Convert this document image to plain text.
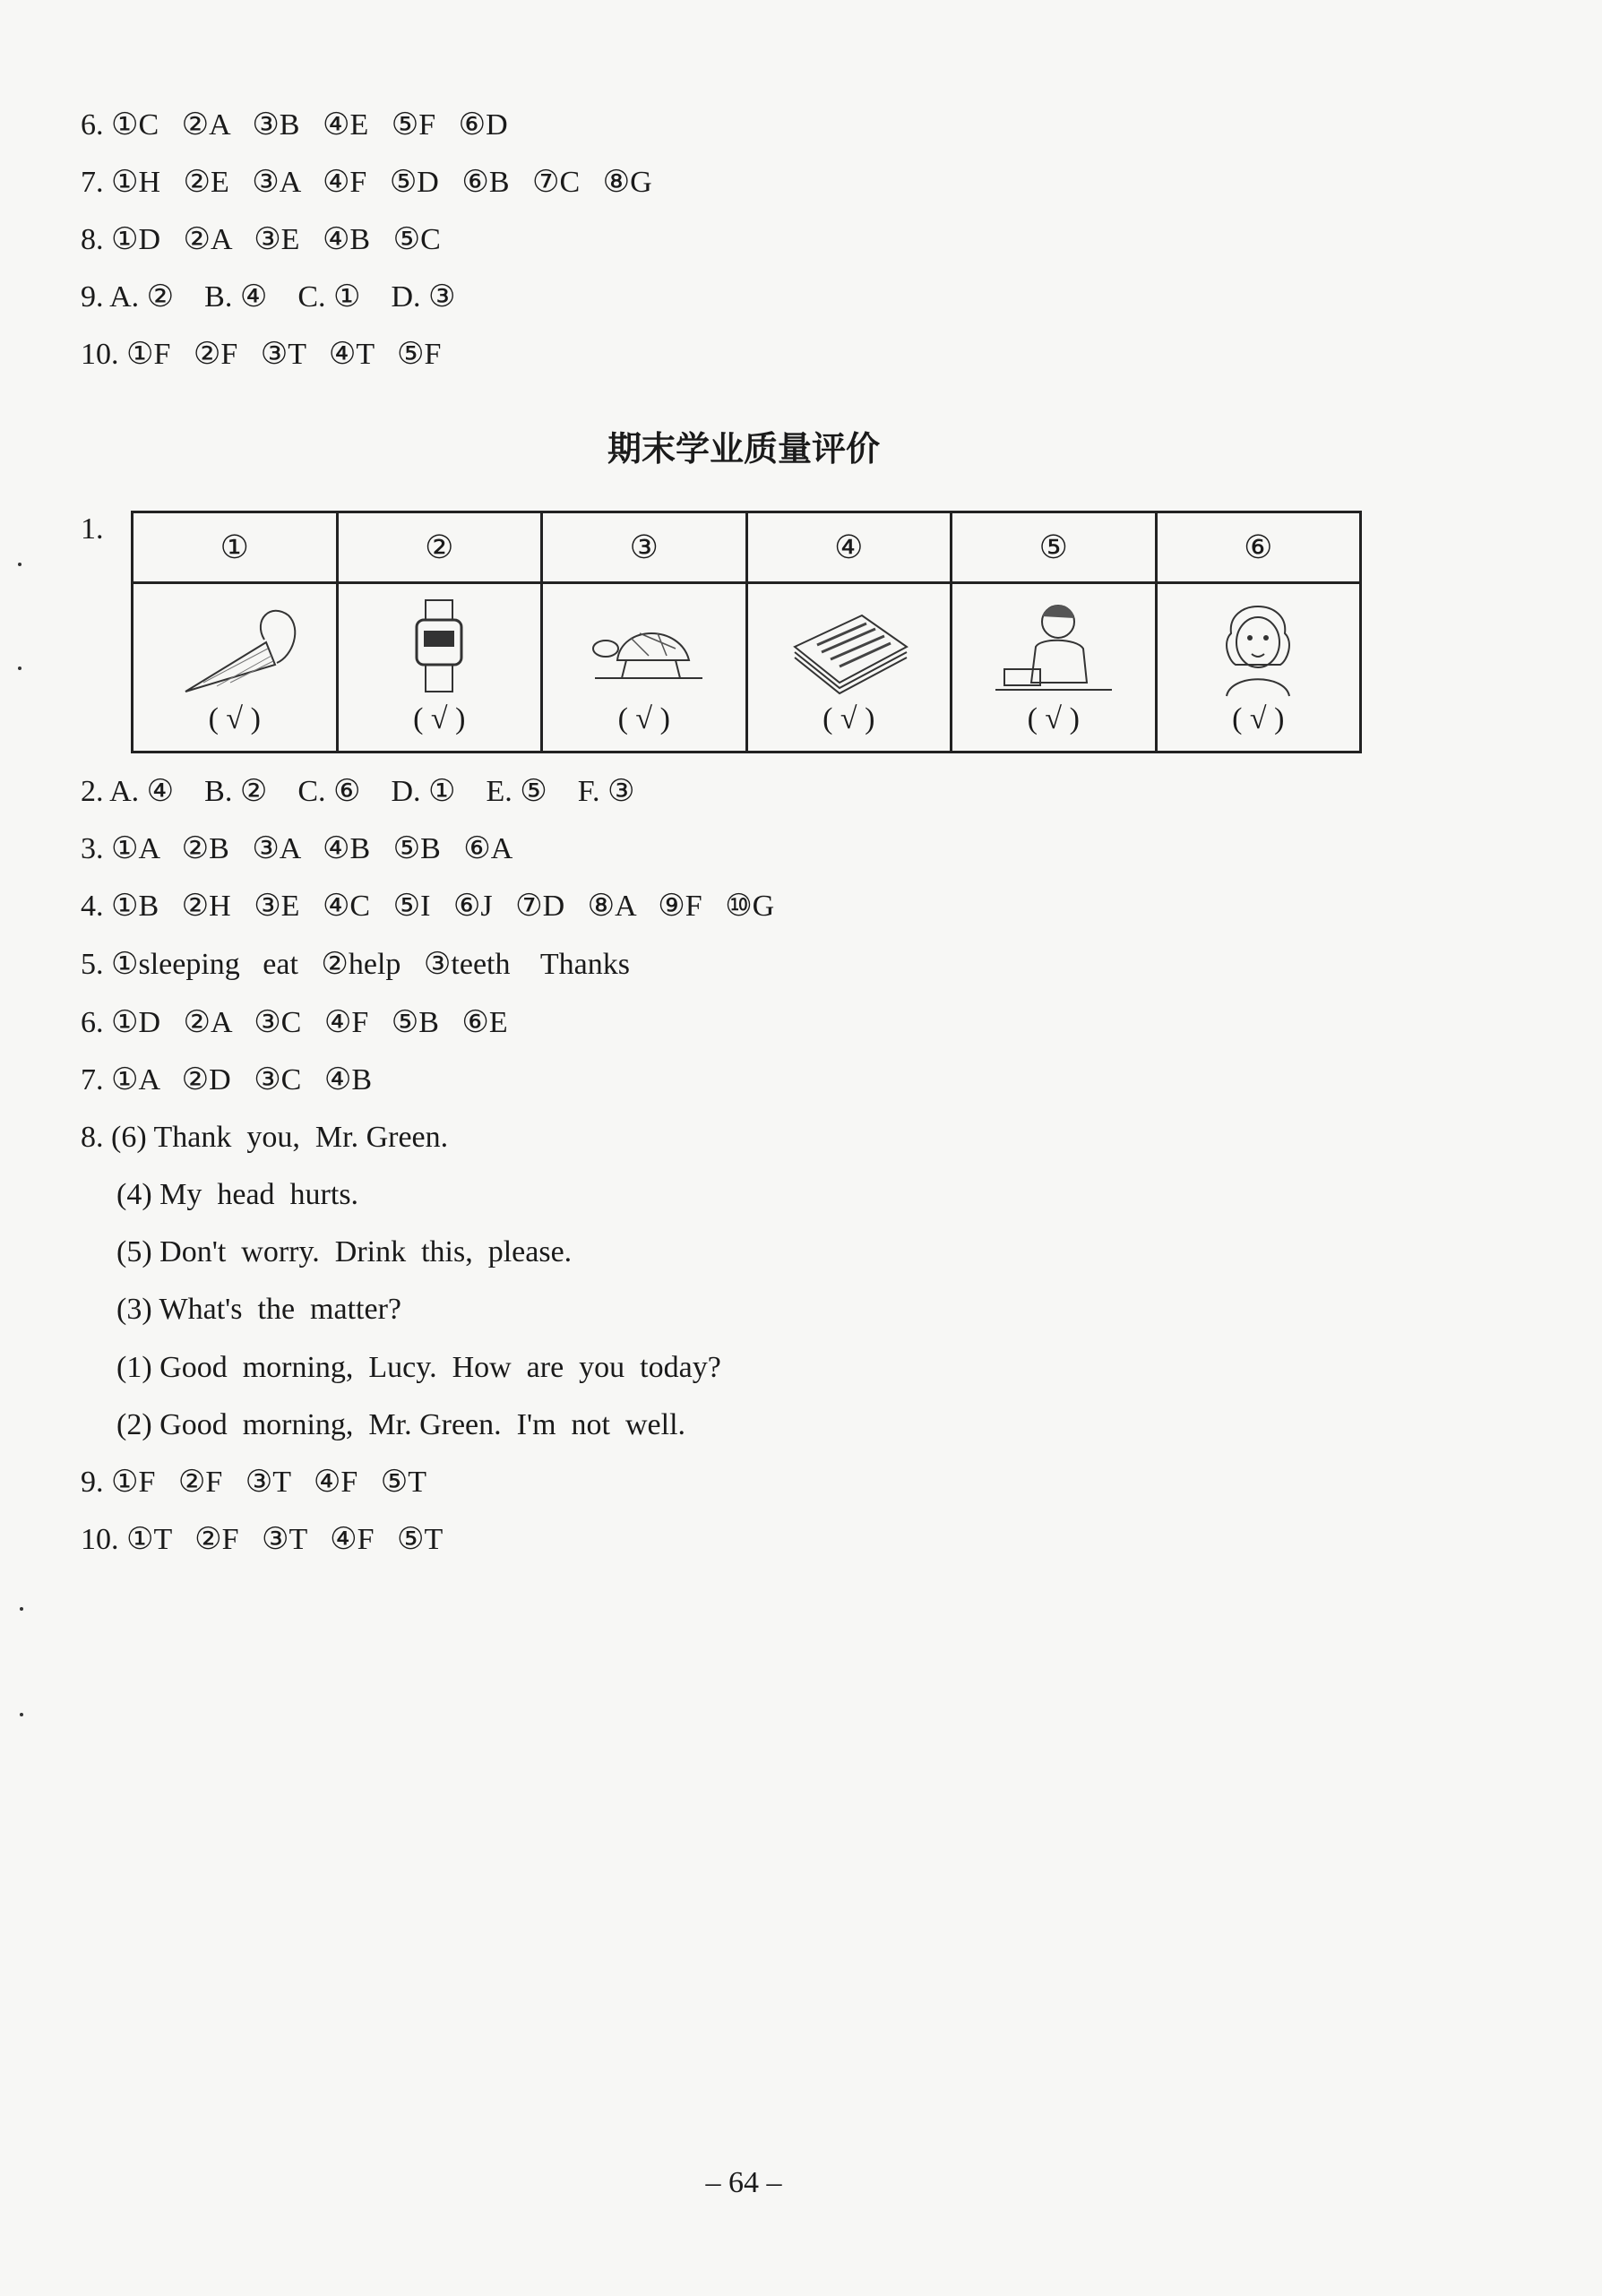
6. ①C   ②A   ③B   ④E   ⑤F   ⑥D
7. ①H   ②E   ③A   ④F   ⑤D   ⑥B   ⑦C   ⑧G
8. ①D   ②A   ③E   ④B   ⑤C
9. A. ②    B. ④    C. ①    D. ③
10. ①F   ②F   ③T   ④T   ⑤F
期末学业质量评价
1.
①	②	③	④	⑤	⑥

( √ )	( √ )	( √ )	( √ )	( √ )	( √ )
2. A. ④    B. ②    C. ⑥    D. ①    E. ⑤    F. ③
3. ①A   ②B   ③A   ④B   ⑤B   ⑥A
4. ①B   ②H   ③E   ④C   ⑤I   ⑥J   ⑦D   ⑧A   ⑨F   ⑩G
5. ①sleeping   eat   ②help   ③teeth    Thanks
6. ①D   ②A   ③C   ④F   ⑤B   ⑥E
7. ①A   ②D   ③C   ④B
8. (6) Thank  you,  Mr. Green.
(4) My  head  hurts.
(5) Don't  worry.  Drink  this,  please.
(3) What's  the  matter?
(1) Good  morning,  Lucy.  How  are  you  today?
(2) Good  morning,  Mr. Green.  I'm  not  well.
9. ①F   ②F   ③T   ④F   ⑤T
10. ①T   ②F   ③T   ④F   ⑤T
– 64 –
